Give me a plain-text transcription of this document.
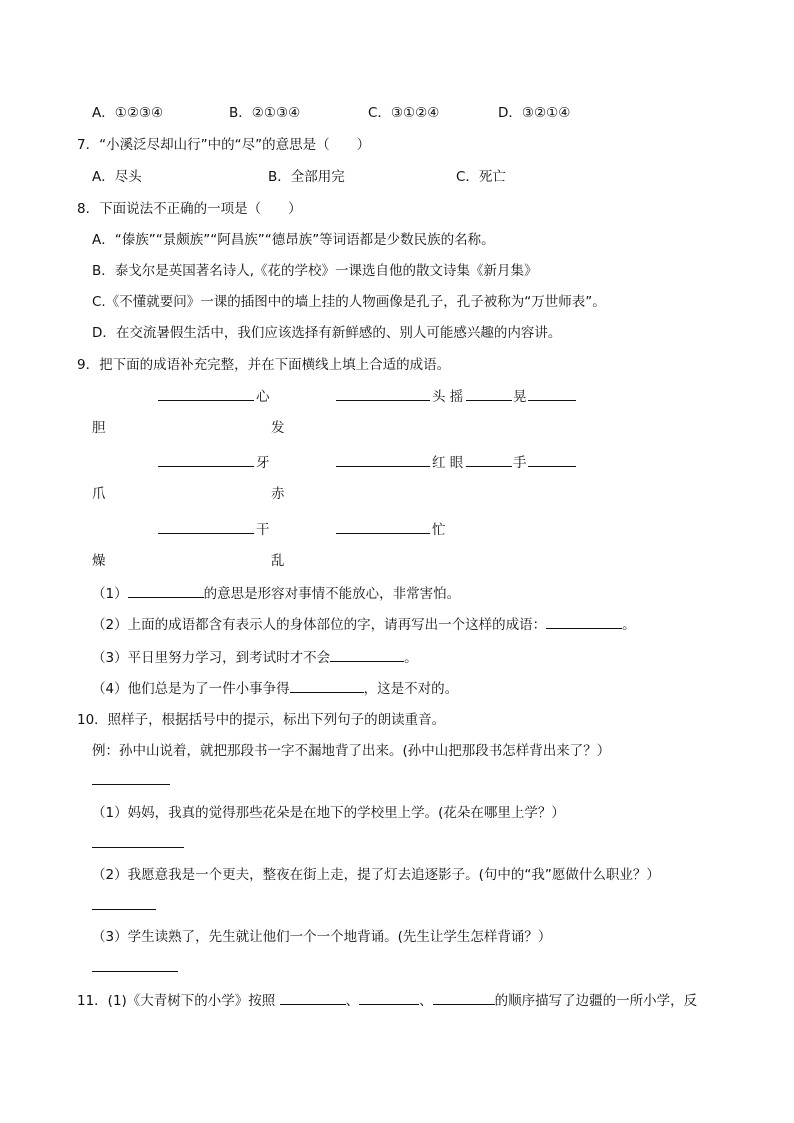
A．①②③④	B．②①③④	C．③①②④	D．③②①④
7．“小溪泛尽却山行”中的“尽”的意思是（　　）
A．尽头	B．全部用完	C．死亡
8．下面说法不正确的一项是（　　）
A．“傣族”“景颇族”“阿昌族”“德昂族”等词语都是少数民族的名称。
B．泰戈尔是英国著名诗人,《花的学校》一课选自他的散文诗集《新月集》
C.《不懂就要问》一课的插图中的墙上挂的人物画像是孔子，孔子被称为“万世师表”。
D．在交流暑假生活中，我们应该选择有新鲜感的、别人可能感兴趣的内容讲。
9．把下面的成语补充完整，并在下面横线上填上合适的成语。
心	头 摇	晃
胆	发
牙	红 眼	手
爪	赤
干	忙
燥	乱
（1）	的意思是形容对事情不能放心，非常害怕。
（2）上面的成语都含有表示人的身体部位的字，请再写出一个这样的成语：	。
（3）平日里努力学习，到考试时才不会	。
（4）他们总是为了一件小事争得	，这是不对的。
10．照样子，根据括号中的提示，标出下列句子的朗读重音。
例：孙中山说着，就把那段书一字不漏地背了出来。(孙中山把那段书怎样背出来了？）
（1）妈妈，我真的觉得那些花朵是在地下的学校里上学。(花朵在哪里上学？）
（2）我愿意我是一个更夫，整夜在街上走，提了灯去追逐影子。(句中的“我”愿做什么职业？）
（3）学生读熟了，先生就让他们一个一个地背诵。(先生让学生怎样背诵？）
11．(1)《大青树下的小学》按照	、	、	的顺序描写了边疆的一所小学，反
